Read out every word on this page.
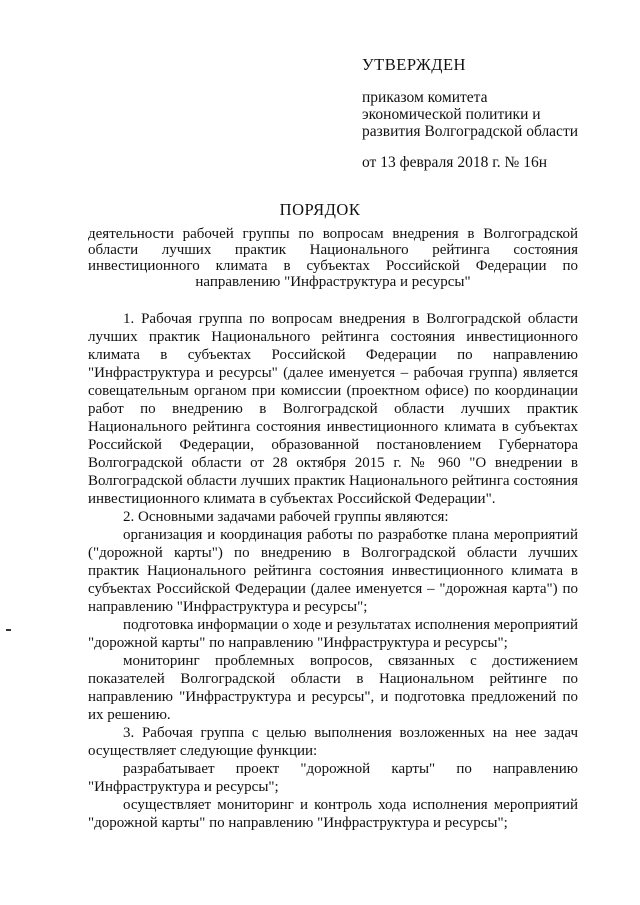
УТВЕРЖДЕН
приказом комитета
экономической политики и
развития Волгоградской области
от 13 февраля 2018 г. № 16н
ПОРЯДОК
деятельности рабочей группы по вопросам внедрения в Волгоградской
области лучших практик Национального рейтинга состояния
инвестиционного климата в субъектах Российской Федерации по
направлению "Инфраструктура и ресурсы"

1. Рабочая группа по вопросам внедрения в Волгоградской области лучших практик Национального рейтинга состояния инвестиционного климата в субъектах Российской Федерации по направлению "Инфраструктура и ресурсы" (далее именуется – рабочая группа) является совещательным органом при комиссии (проектном офисе) по координации работ по внедрению в Волгоградской области лучших практик Национального рейтинга состояния инвестиционного климата в субъектах Российской Федерации, образованной постановлением Губернатора Волгоградской области от 28 октября 2015 г. № 960 "О внедрении в Волгоградской области лучших практик Национального рейтинга состояния инвестиционного климата в субъектах Российской Федерации".

2. Основными задачами рабочей группы являются:

организация и координация работы по разработке плана мероприятий ("дорожной карты") по внедрению в Волгоградской области лучших практик Национального рейтинга состояния инвестиционного климата в субъектах Российской Федерации (далее именуется – "дорожная карта") по направлению "Инфраструктура и ресурсы";

подготовка информации о ходе и результатах исполнения мероприятий "дорожной карты" по направлению "Инфраструктура и ресурсы";

мониторинг проблемных вопросов, связанных с достижением показателей Волгоградской области в Национальном рейтинге по направлению "Инфраструктура и ресурсы", и подготовка предложений по их решению.

3. Рабочая группа с целью выполнения возложенных на нее задач осуществляет следующие функции:

разрабатывает проект "дорожной карты" по направлению "Инфраструктура и ресурсы";

осуществляет мониторинг и контроль хода исполнения мероприятий "дорожной карты" по направлению "Инфраструктура и ресурсы";
